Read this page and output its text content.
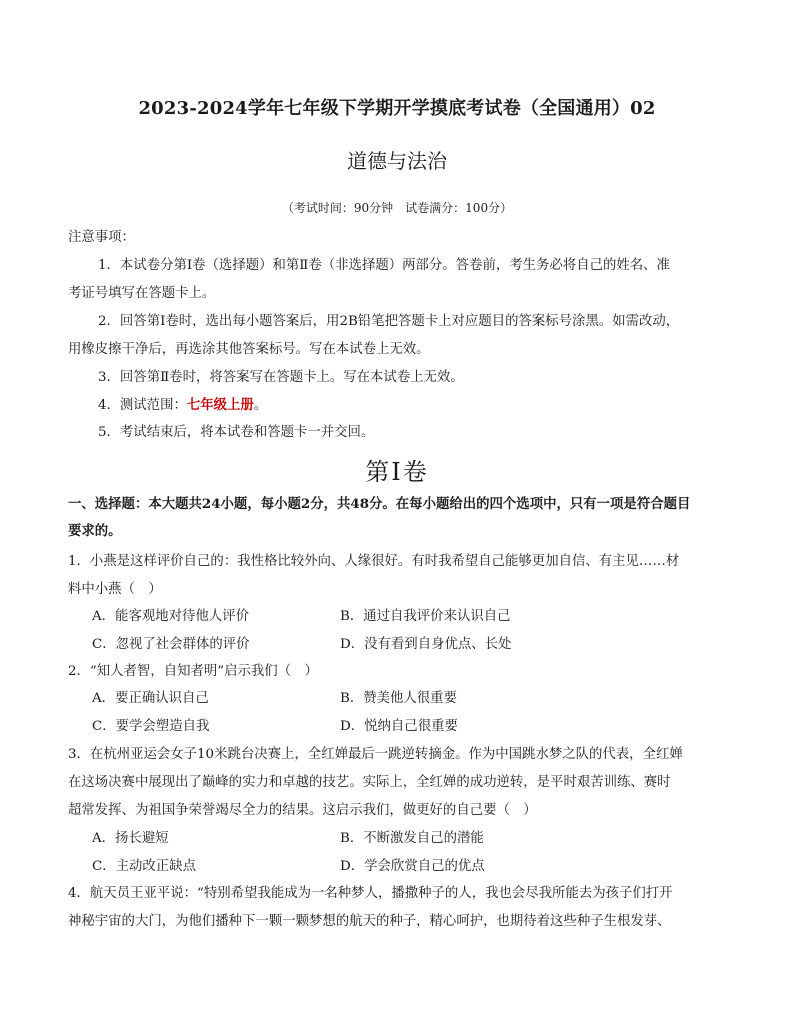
2023-2024学年七年级下学期开学摸底考试卷（全国通用）02
道德与法治
（考试时间：90分钟　试卷满分：100分）
注意事项：
1．本试卷分第Ⅰ卷（选择题）和第Ⅱ卷（非选择题）两部分。答卷前，考生务必将自己的姓名、准
考证号填写在答题卡上。
2．回答第Ⅰ卷时，选出每小题答案后，用2B铅笔把答题卡上对应题目的答案标号涂黑。如需改动，
用橡皮擦干净后，再选涂其他答案标号。写在本试卷上无效。
3．回答第Ⅱ卷时，将答案写在答题卡上。写在本试卷上无效。
4．测试范围：七年级上册。
5．考试结束后，将本试卷和答题卡一并交回。
第Ⅰ卷
一、选择题：本大题共24小题，每小题2分，共48分。在每小题给出的四个选项中，只有一项是符合题目
要求的。
1．小燕是这样评价自己的：我性格比较外向、人缘很好。有时我希望自己能够更加自信、有主见……材
料中小燕（　）
A．能客观地对待他人评价	B．通过自我评价来认识自己
C．忽视了社会群体的评价	D．没有看到自身优点、长处
2．“知人者智，自知者明”启示我们（　）
A．要正确认识自己	B．赞美他人很重要
C．要学会塑造自我	D．悦纳自己很重要
3．在杭州亚运会女子10米跳台决赛上，全红婵最后一跳逆转摘金。作为中国跳水梦之队的代表，全红婵
在这场决赛中展现出了巅峰的实力和卓越的技艺。实际上，全红婵的成功逆转，是平时艰苦训练、赛时
超常发挥、为祖国争荣誉竭尽全力的结果。这启示我们，做更好的自己要（　）
A．扬长避短	B．不断激发自己的潜能
C．主动改正缺点	D．学会欣赏自己的优点
4．航天员王亚平说：“特别希望我能成为一名种梦人，播撒种子的人，我也会尽我所能去为孩子们打开
神秘宇宙的大门，为他们播种下一颗一颗梦想的航天的种子，精心呵护，也期待着这些种子生根发芽、
